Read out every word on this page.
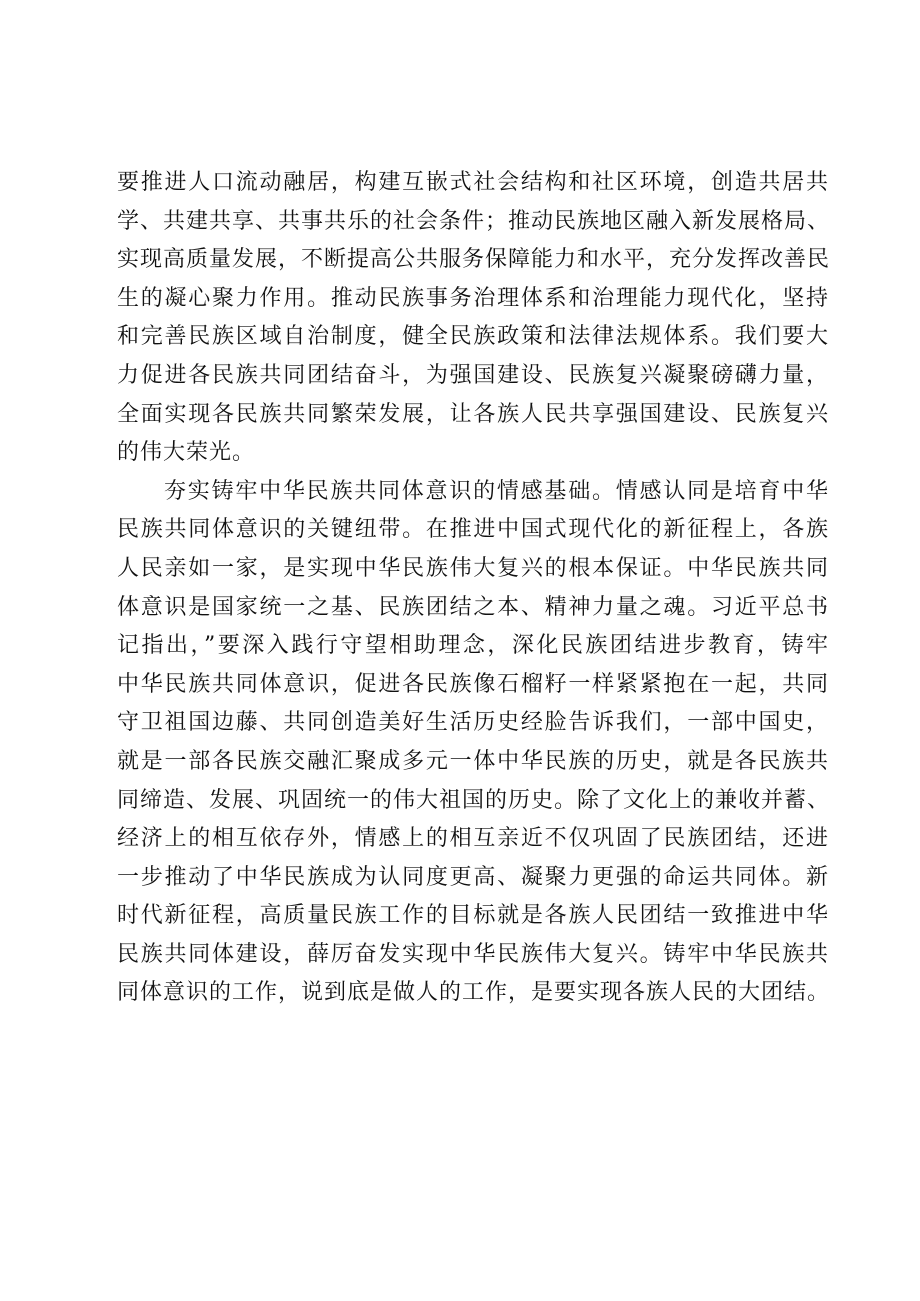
要推进人口流动融居，构建互嵌式社会结构和社区环境，创造共居共
学、共建共享、共事共乐的社会条件；推动民族地区融入新发展格局、
实现高质量发展，不断提高公共服务保障能力和水平，充分发挥改善民
生的凝心聚力作用。推动民族事务治理体系和治理能力现代化，坚持
和完善民族区域自治制度，健全民族政策和法律法规体系。我们要大
力促进各民族共同团结奋斗，为强国建设、民族复兴凝聚磅礴力量，
全面实现各民族共同繁荣发展，让各族人民共享强国建设、民族复兴
的伟大荣光。
夯实铸牢中华民族共同体意识的情感基础。情感认同是培育中华
民族共同体意识的关键纽带。在推进中国式现代化的新征程上，各族
人民亲如一家，是实现中华民族伟大复兴的根本保证。中华民族共同
体意识是国家统一之基、民族团结之本、精神力量之魂。习近平总书
记指出，”要深入践行守望相助理念，深化民族团结进步教育，铸牢
中华民族共同体意识，促进各民族像石榴籽一样紧紧抱在一起，共同
守卫祖国边藤、共同创造美好生活历史经脸告诉我们，一部中国史，
就是一部各民族交融汇聚成多元一体中华民族的历史，就是各民族共
同缔造、发展、巩固统一的伟大祖国的历史。除了文化上的兼收并蓄、
经济上的相互依存外，情感上的相互亲近不仅巩固了民族团结，还进
一步推动了中华民族成为认同度更高、凝聚力更强的命运共同体。新
时代新征程，高质量民族工作的目标就是各族人民团结一致推进中华
民族共同体建设，薛厉奋发实现中华民族伟大复兴。铸牢中华民族共
同体意识的工作，说到底是做人的工作，是要实现各族人民的大团结。
